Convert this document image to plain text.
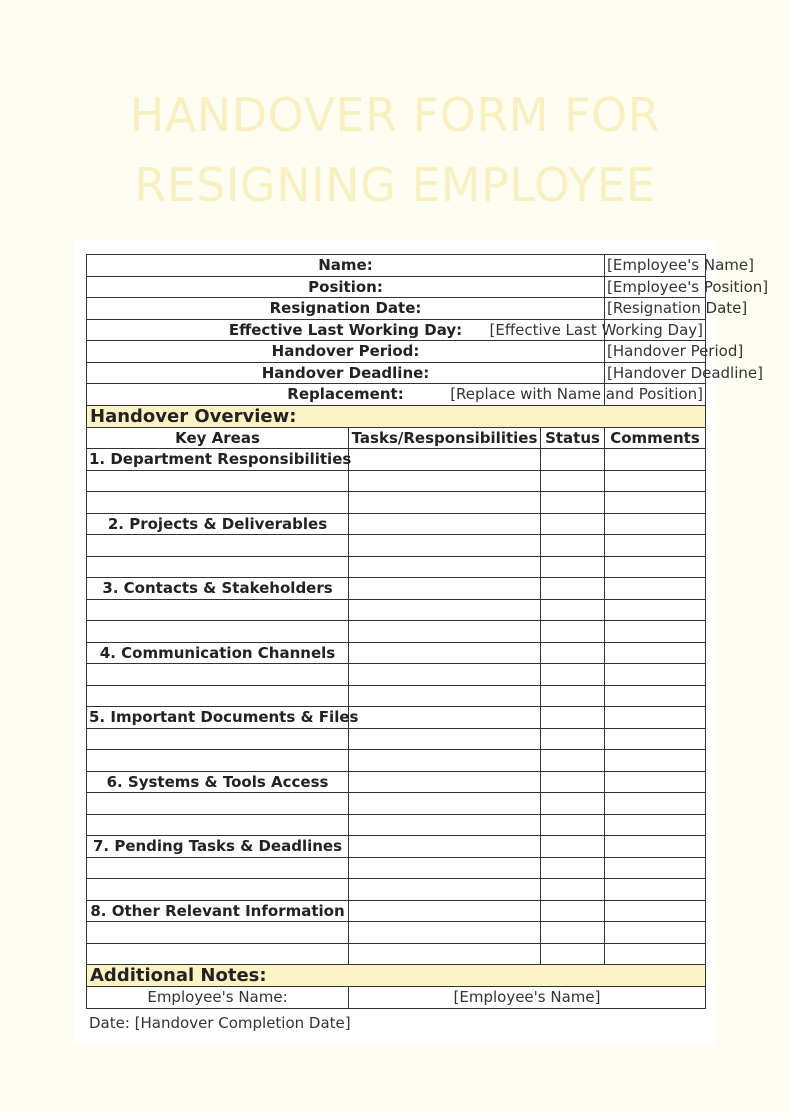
HANDOVER FORM FOR
RESIGNING EMPLOYEE
Name:			[Employee's Name]
Position:			[Employee's Position]
Resignation Date:			[Resignation Date]
Effective Last Working Day:			[Effective Last Working Day]
Handover Period:			[Handover Period]
Handover Deadline:			[Handover Deadline]
Replacement:			[Replace with Name and Position]
Handover Overview:			
Key Areas	Tasks/Responsibilities	Status	Comments
1. Department Responsibilities			

2. Projects & Deliverables			

3. Contacts & Stakeholders			

4. Communication Channels			

5. Important Documents & Files			

6. Systems & Tools Access			

7. Pending Tasks & Deadlines			

8. Other Relevant Information			

Additional Notes:			
Employee's Name:	[Employee's Name]		
Date: [Handover Completion Date]
